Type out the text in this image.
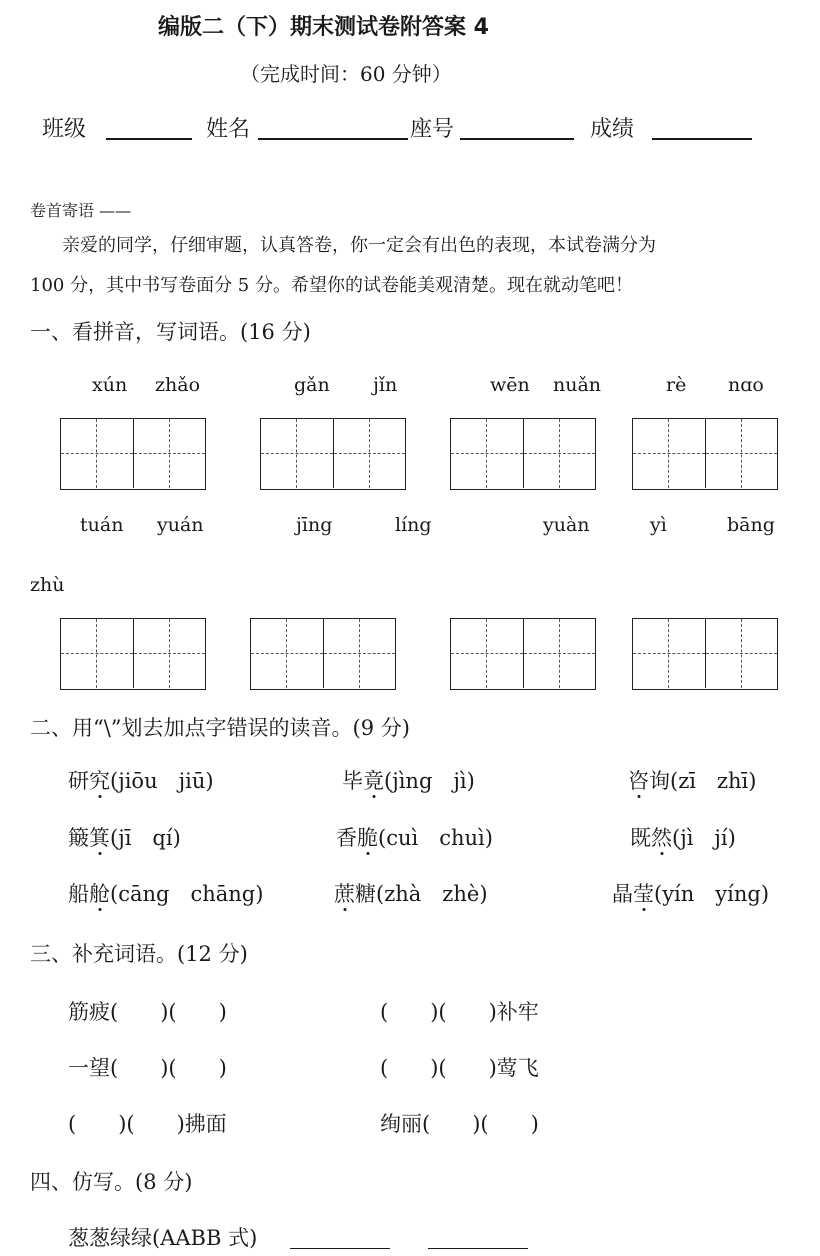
编版二（下）期末测试卷附答案 4
（完成时间：60 分钟）
班级	姓名	座号	成绩
卷首寄语 ——
亲爱的同学，仔细审题，认真答卷，你一定会有出色的表现，本试卷满分为
100 分，其中书写卷面分 5 分。希望你的试卷能美观清楚。现在就动笔吧！
一、看拼音，写词语。(16 分)
xún zhǎo	gǎn jǐn	wēn nuǎn	rè nɑo
tuán yuán	jīng	líng	yuàn	yì	bāng
zhù
二、用“\”划去加点字错误的读音。(9 分)
研究(jiōu　jiū)	毕竟(jìng　jì)	咨询(zī　zhī)
簸箕(jī　qí)	香脆(cuì　chuì)	既然(jì　jí)
船舱(cāng　chāng)	蔗糖(zhà　zhè)	晶莹(yín　yíng)
三、补充词语。(12 分)
筋疲(　　)(　　)	(　　)(　　)补牢
一望(　　)(　　)	(　　)(　　)莺飞
(　　)(　　)拂面	绚丽(　　)(　　)
四、仿写。(8 分)
葱葱绿绿(AABB 式)
